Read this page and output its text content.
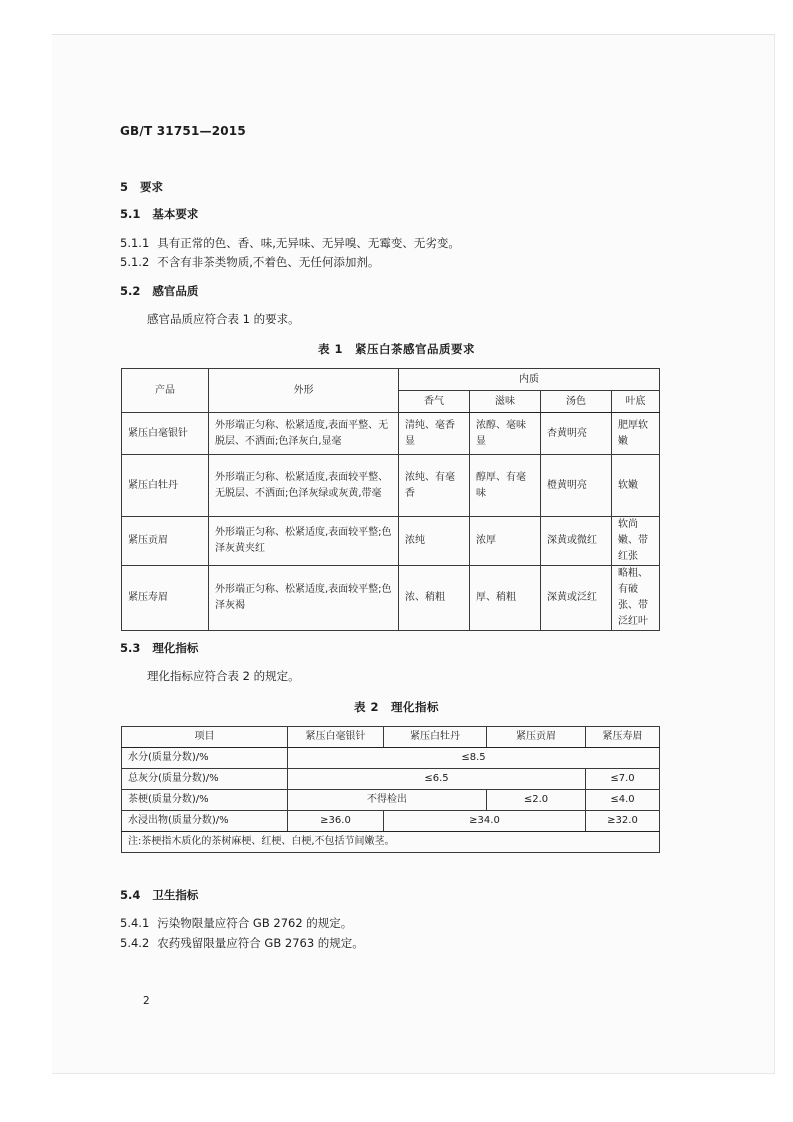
GB/T 31751—2015
5 要求
5.1 基本要求
5.1.1 具有正常的色、香、味,无异味、无异嗅、无霉变、无劣变。
5.1.2 不含有非茶类物质,不着色、无任何添加剂。
5.2 感官品质
感官品质应符合表 1 的要求。
表 1　紧压白茶感官品质要求
产品	外形	内质			
		香气	滋味	汤色	叶底
紧压白毫银针	外形端正匀称、松紧适度,表面平整、无脱层、不洒面;色泽灰白,显毫	清纯、毫香显	浓醇、毫味显	杏黄明亮	肥厚软嫩
紧压白牡丹	外形端正匀称、松紧适度,表面较平整、无脱层、不洒面;色泽灰绿或灰黄,带毫	浓纯、有毫香	醇厚、有毫味	橙黄明亮	软嫩
紧压贡眉	外形端正匀称、松紧适度,表面较平整;色泽灰黄夹红	浓纯	浓厚	深黄或微红	软尚嫩、带红张
紧压寿眉	外形端正匀称、松紧适度,表面较平整;色泽灰褐	浓、稍粗	厚、稍粗	深黄或泛红	略粗、有破张、带泛红叶
5.3 理化指标
理化指标应符合表 2 的规定。
表 2　理化指标
项目	紧压白毫银针	紧压白牡丹	紧压贡眉	紧压寿眉
水分(质量分数)/%	≤8.5			
总灰分(质量分数)/%	≤6.5			≤7.0
茶梗(质量分数)/%	不得检出		≤2.0	≤4.0
水浸出物(质量分数)/%	≥36.0	≥34.0		≥32.0
注:茶梗指木质化的茶树麻梗、红梗、白梗,不包括节间嫩茎。				
5.4 卫生指标
5.4.1 污染物限量应符合 GB 2762 的规定。
5.4.2 农药残留限量应符合 GB 2763 的规定。
2
